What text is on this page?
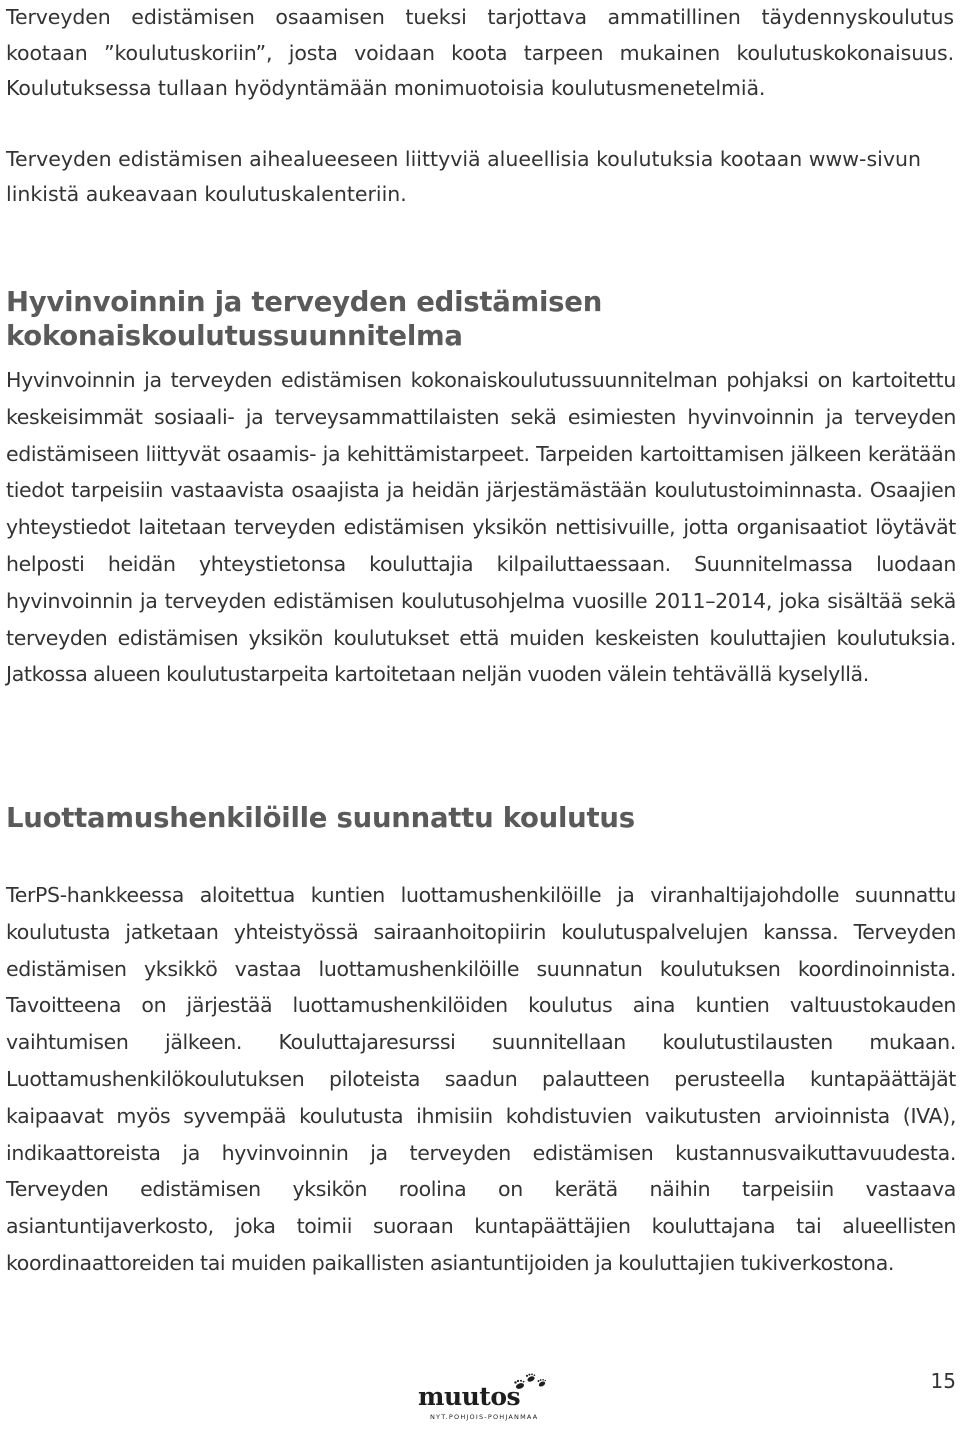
Terveyden edistämisen osaamisen tueksi tarjottava ammatillinen täydennyskoulutus kootaan ”koulutuskoriin”, josta voidaan koota tarpeen mukainen koulutuskokonaisuus. Koulutuksessa tullaan hyödyntämään monimuotoisia koulutusmenetelmiä.

Terveyden edistämisen aihealueeseen liittyviä alueellisia koulutuksia kootaan www-sivun
linkistä aukeavaan koulutuskalenteriin.

Hyvinvoinnin ja terveyden edistämisen kokonaiskoulutussuunnitelma

Hyvinvoinnin ja terveyden edistämisen kokonaiskoulutussuunnitelman pohjaksi on kartoitettu keskeisimmät sosiaali- ja terveysammattilaisten sekä esimiesten hyvinvoinnin ja terveyden edistämiseen liittyvät osaamis- ja kehittämistarpeet. Tarpeiden kartoittamisen jälkeen kerätään tiedot tarpeisiin vastaavista osaajista ja heidän järjestämästään koulutustoiminnasta. Osaajien yhteystiedot laitetaan terveyden edistämisen yksikön nettisivuille, jotta organisaatiot löytävät helposti heidän yhteystietonsa kouluttajia kilpailuttaessaan. Suunnitelmassa luodaan hyvinvoinnin ja terveyden edistämisen koulutusohjelma vuosille 2011–2014, joka sisältää sekä terveyden edistämisen yksikön koulutukset että muiden keskeisten kouluttajien koulutuksia. Jatkossa alueen koulutustarpeita kartoitetaan neljän vuoden välein tehtävällä kyselyllä.

Luottamushenkilöille suunnattu koulutus

TerPS-hankkeessa aloitettua kuntien luottamushenkilöille ja viranhaltijajohdolle suunnattu koulutusta jatketaan yhteistyössä sairaanhoitopiirin koulutuspalvelujen kanssa. Terveyden edistämisen yksikkö vastaa luottamushenkilöille suunnatun koulutuksen koordinoinnista. Tavoitteena on järjestää luottamushenkilöiden koulutus aina kuntien valtuustokauden vaihtumisen jälkeen. Kouluttajaresurssi suunnitellaan koulutustilausten mukaan. Luottamushenkilökoulutuksen piloteista saadun palautteen perusteella kuntapäättäjät kaipaavat myös syvempää koulutusta ihmisiin kohdistuvien vaikutusten arvioinnista (IVA), indikaattoreista ja hyvinvoinnin ja terveyden edistämisen kustannusvaikuttavuudesta. Terveyden edistämisen yksikön roolina on kerätä näihin tarpeisiin vastaava asiantuntijaverkosto, joka toimii suoraan kuntapäättäjien kouluttajana tai alueellisten koordinaattoreiden tai muiden paikallisten asiantuntijoiden ja kouluttajien tukiverkostona.

muutos

NYT.POHJOIS-POHJANMAA

15
